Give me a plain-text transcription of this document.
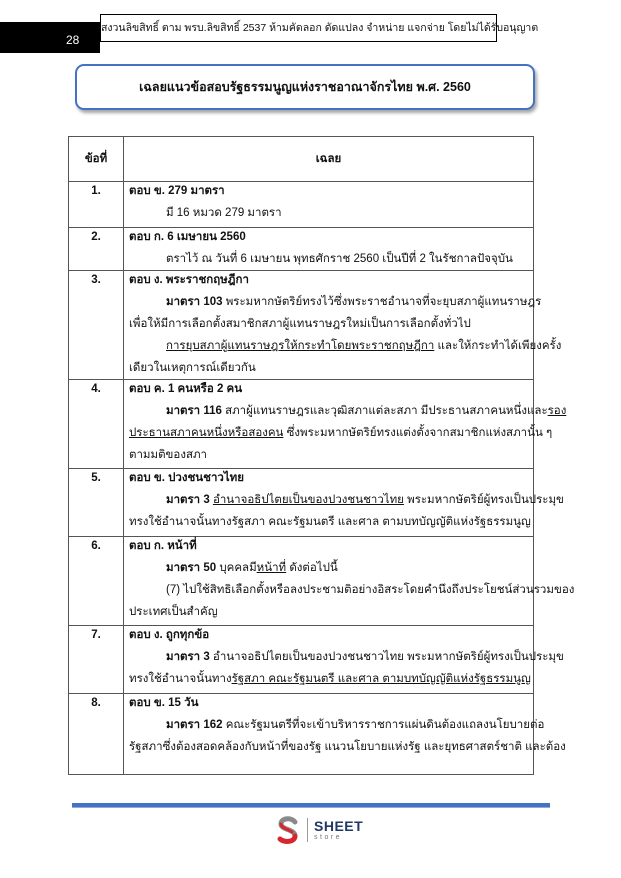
28
สงวนลิขสิทธิ์ ตาม พรบ.ลิขสิทธิ์ 2537 ห้ามคัดลอก ดัดแปลง จำหน่าย แจกจ่าย โดยไม่ได้รับอนุญาต
เฉลยแนวข้อสอบรัฐธรรมนูญแห่งราชอาณาจักรไทย พ.ศ. 2560
ข้อที่	เฉลย
1.	ตอบ ข. 279 มาตรา
มี 16 หมวด 279 มาตรา

2.	ตอบ ก. 6 เมษายน 2560
ตราไว้ ณ วันที่ 6 เมษายน พุทธศักราช 2560 เป็นปีที่ 2 ในรัชกาลปัจจุบัน

3.	ตอบ ง. พระราชกฤษฎีกา
มาตรา 103 พระมหากษัตริย์ทรงไว้ซึ่งพระราชอำนาจที่จะยุบสภาผู้แทนราษฎร
เพื่อให้มีการเลือกตั้งสมาชิกสภาผู้แทนราษฎรใหม่เป็นการเลือกตั้งทั่วไป
การยุบสภาผู้แทนราษฎรให้กระทำโดยพระราชกฤษฎีกา และให้กระทำได้เพียงครั้ง
เดียวในเหตุการณ์เดียวกัน

4.	ตอบ ค. 1 คนหรือ 2 คน
มาตรา 116 สภาผู้แทนราษฎรและวุฒิสภาแต่ละสภา มีประธานสภาคนหนึ่งและรอง
ประธานสภาคนหนึ่งหรือสองคน ซึ่งพระมหากษัตริย์ทรงแต่งตั้งจากสมาชิกแห่งสภานั้น ๆ
ตามมติของสภา

5.	ตอบ ข. ปวงชนชาวไทย
มาตรา 3 อำนาจอธิปไตยเป็นของปวงชนชาวไทย พระมหากษัตริย์ผู้ทรงเป็นประมุข
ทรงใช้อำนาจนั้นทางรัฐสภา คณะรัฐมนตรี และศาล ตามบทบัญญัติแห่งรัฐธรรมนูญ

6.	ตอบ ก. หน้าที่
มาตรา 50 บุคคลมีหน้าที่ ดังต่อไปนี้
(7) ไปใช้สิทธิเลือกตั้งหรือลงประชามติอย่างอิสระโดยคำนึงถึงประโยชน์ส่วนรวมของ
ประเทศเป็นสำคัญ

7.	ตอบ ง. ถูกทุกข้อ
มาตรา 3 อำนาจอธิปไตยเป็นของปวงชนชาวไทย พระมหากษัตริย์ผู้ทรงเป็นประมุข
ทรงใช้อำนาจนั้นทางรัฐสภา คณะรัฐมนตรี และศาล ตามบทบัญญัติแห่งรัฐธรรมนูญ

8.	ตอบ ข. 15 วัน
มาตรา 162 คณะรัฐมนตรีที่จะเข้าบริหารราชการแผ่นดินต้องแถลงนโยบายต่อ
รัฐสภาซึ่งต้องสอดคล้องกับหน้าที่ของรัฐ แนวนโยบายแห่งรัฐ และยุทธศาสตร์ชาติ และต้อง
SHEET
store
